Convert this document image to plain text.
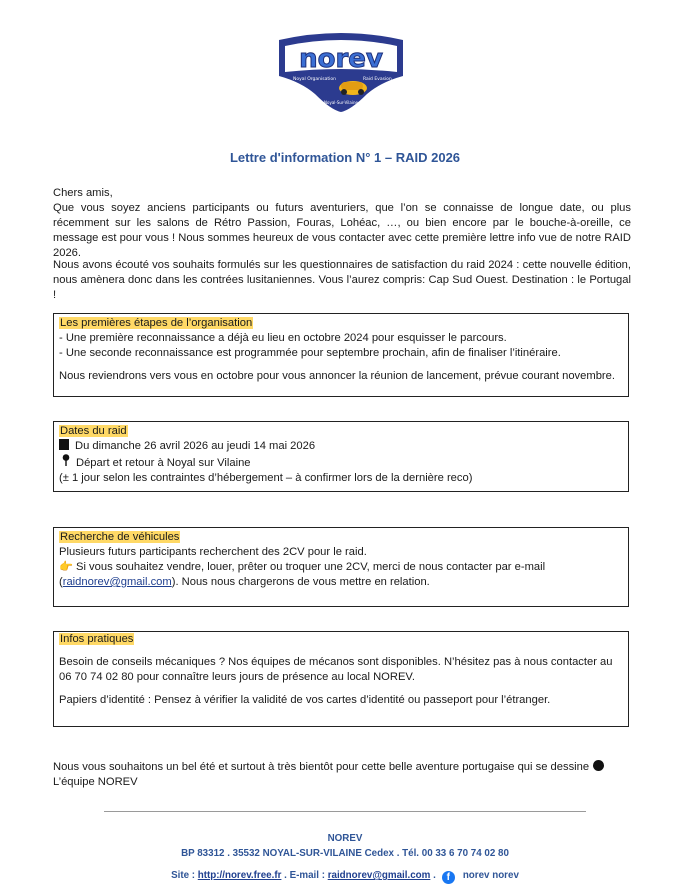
norev
Noyal Organisation	Raid Evasion
Noyal-Sur-Vilaine
Lettre d'information N° 1 – RAID 2026

Chers amis,

Que vous soyez anciens participants ou futurs aventuriers, que l’on se connaisse de longue date, ou plus récemment sur les salons de Rétro Passion, Fouras, Lohéac, …, ou bien encore par le bouche-à-oreille, ce message est pour vous ! Nous sommes heureux de vous contacter avec cette première lettre info vue de notre RAID 2026.

Nous avons écouté vos souhaits formulés sur les questionnaires de satisfaction du raid 2024 : cette nouvelle édition, nous amènera donc dans les contrées lusitaniennes. Vous l’aurez compris: Cap Sud Ouest. Destination : le Portugal !

Les premières étapes de l’organisation
- Une première reconnaissance a déjà eu lieu en octobre 2024 pour esquisser le parcours.
- Une seconde reconnaissance est programmée pour septembre prochain, afin de finaliser l’itinéraire.
Nous reviendrons vers vous en octobre pour vous annoncer la réunion de lancement, prévue courant novembre.
Dates du raid
Du dimanche 26 avril 2026 au jeudi 14 mai 2026
Départ et retour à Noyal sur Vilaine
(± 1 jour selon les contraintes d’hébergement – à confirmer lors de la dernière reco)
Recherche de véhicules
Plusieurs futurs participants recherchent des 2CV pour le raid.
👉 Si vous souhaitez vendre, louer, prêter ou troquer une 2CV, merci de nous contacter par e-mail
(raidnorev@gmail.com). Nous nous chargerons de vous mettre en relation.
Infos pratiques
Besoin de conseils mécaniques ? Nos équipes de mécanos sont disponibles. N’hésitez pas à nous contacter au
06 70 74 02 80 pour connaître leurs jours de présence au local NOREV.
Papiers d’identité : Pensez à vérifier la validité de vos cartes d’identité ou passeport pour l’étranger.
Nous vous souhaitons un bel été et surtout à très bientôt pour cette belle aventure portugaise qui se dessine
L’équipe NOREV
NOREV
BP 83312 . 35532 NOYAL-SUR-VILAINE Cedex . Tél. 00 33 6 70 74 02 80
Site : http://norev.free.fr . E-mail : raidnorev@gmail.com . f norev norev
